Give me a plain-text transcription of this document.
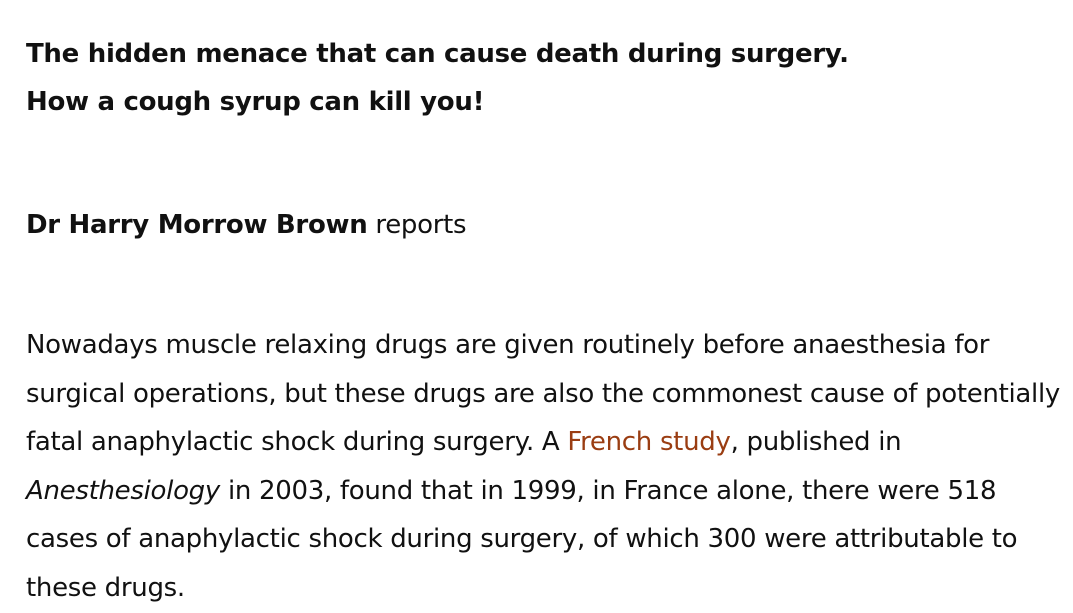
The hidden menace that can cause death during surgery.
How a cough syrup can kill you!

Dr Harry Morrow Brown reports

Nowadays muscle relaxing drugs are given routinely before anaesthesia for surgical operations, but these drugs are also the commonest cause of potentially fatal anaphylactic shock during surgery. A French study, published in Anesthesiology in 2003, found that in 1999, in France alone, there were 518 cases of anaphylactic shock during surgery, of which 300 were attributable to these drugs.
